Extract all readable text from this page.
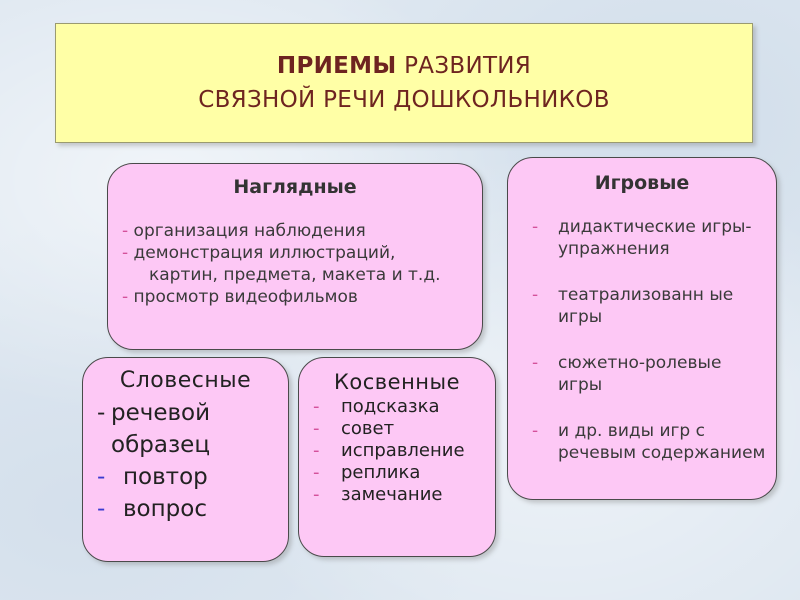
ПРИЕМЫ РАЗВИТИЯ
СВЯЗНОЙ РЕЧИ ДОШКОЛЬНИКОВ
Наглядные
- организация наблюдения
- демонстрация иллюстраций,
картин, предмета, макета и т.д.
- просмотр видеофильмов
Игровые
-	дидактические игры-упражнения
-	театрализованн ые игры
-	сюжетно-ролевые игры
-	и др. виды игр с речевым содержанием
Словесные
- речевой образец
- повтор
- вопрос
Косвенные
-	подсказка
-	совет
-	исправление
-	реплика
-	замечание
